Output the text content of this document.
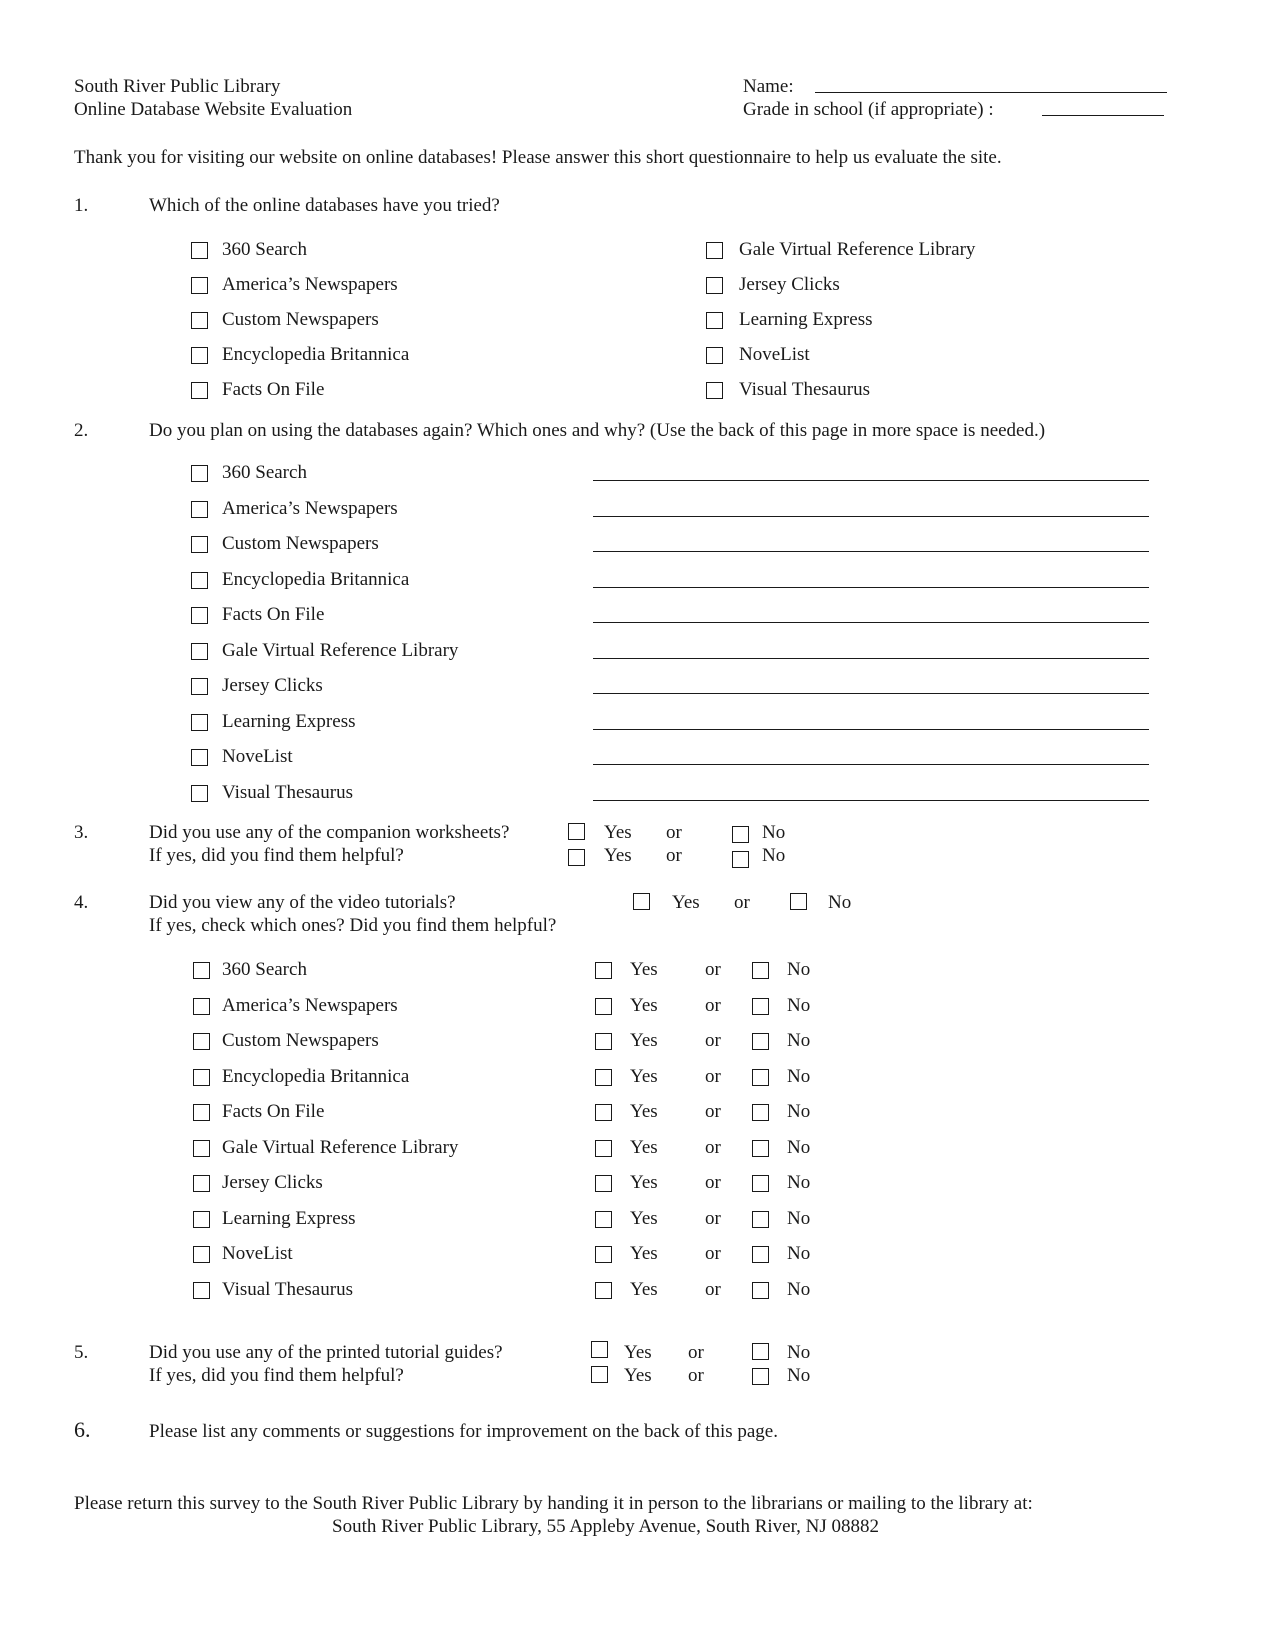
South River Public Library
Online Database Website Evaluation
Name:
Grade in school (if appropriate) :
Thank you for visiting our website on online databases! Please answer this short questionnaire to help us evaluate the site.
1.	Which of the online databases have you tried?
360 Search
America’s Newspapers
Custom Newspapers
Encyclopedia Britannica
Facts On File
Gale Virtual Reference Library
Jersey Clicks
Learning Express
NoveList
Visual Thesaurus
2.	Do you plan on using the databases again? Which ones and why? (Use the back of this page in more space is needed.)
360 Search
America’s Newspapers
Custom Newspapers
Encyclopedia Britannica
Facts On File
Gale Virtual Reference Library
Jersey Clicks
Learning Express
NoveList
Visual Thesaurus
3.	Did you use any of the companion worksheets?
If yes, did you find them helpful?
Yes or	No
Yes or	No
4.	Did you view any of the video tutorials?
If yes, check which ones? Did you find them helpful?
Yes or	No
360 Search	Yes or	No
America’s Newspapers	Yes or	No
Custom Newspapers	Yes or	No
Encyclopedia Britannica	Yes or	No
Facts On File	Yes or	No
Gale Virtual Reference Library	Yes or	No
Jersey Clicks	Yes or	No
Learning Express	Yes or	No
NoveList	Yes or	No
Visual Thesaurus	Yes or	No
5.	Did you use any of the printed tutorial guides?
If yes, did you find them helpful?
Yes or	No
Yes or	No
6.	Please list any comments or suggestions for improvement on the back of this page.
Please return this survey to the South River Public Library by handing it in person to the librarians or mailing to the library at:
South River Public Library, 55 Appleby Avenue, South River, NJ 08882
